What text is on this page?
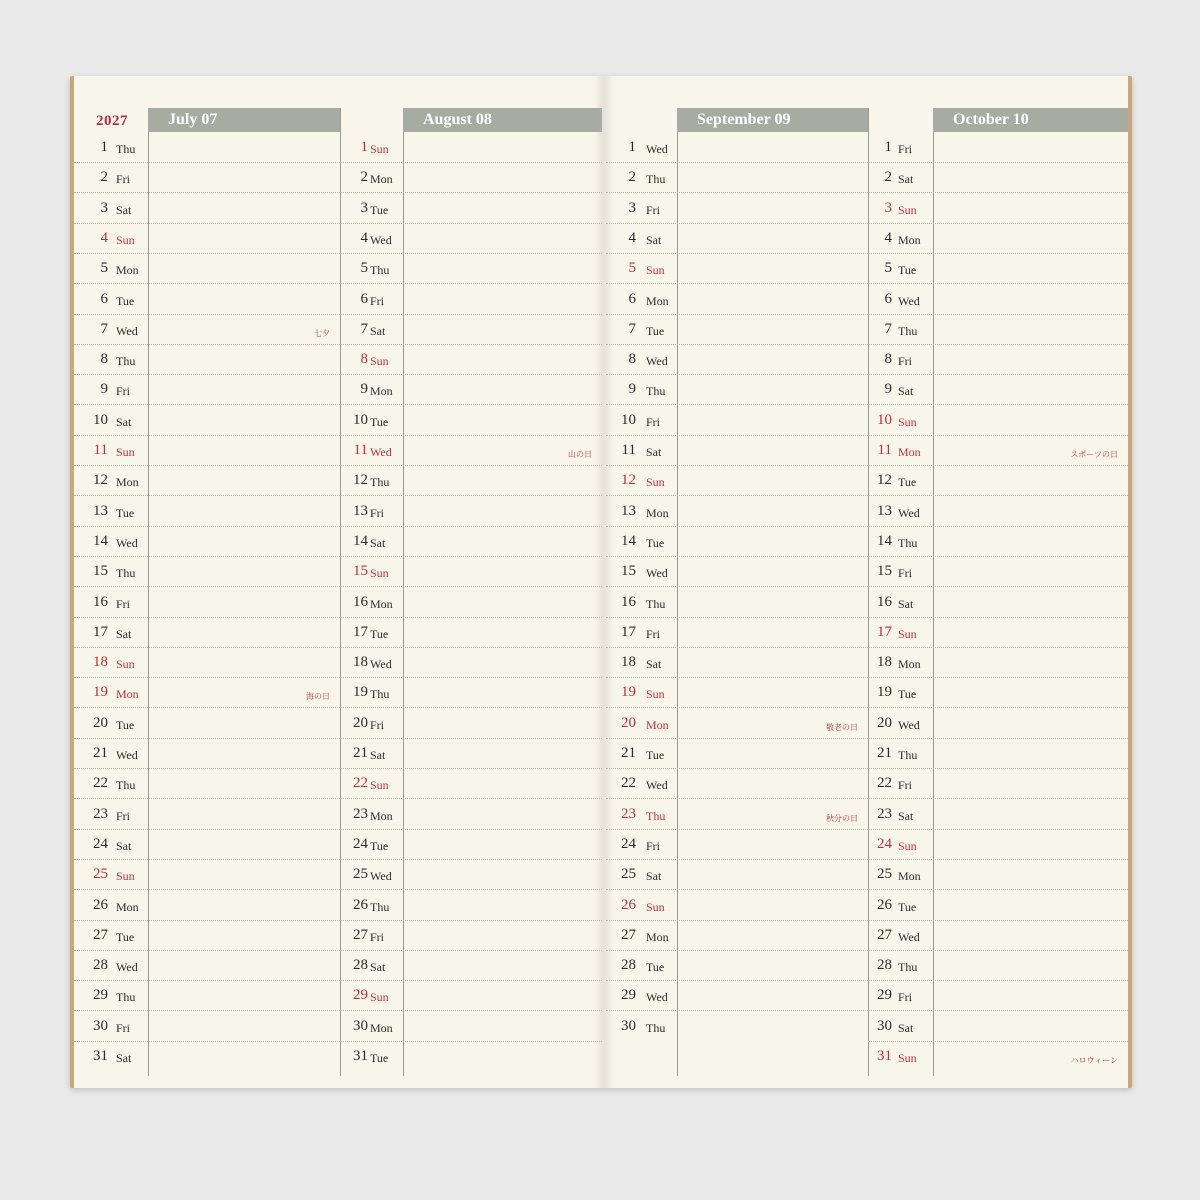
2027	July 07
1 Thu
2 Fri
3 Sat
4 Sun
5 Mon
6 Tue
7 Wed	七夕
8 Thu
9 Fri
10 Sat
11 Sun
12 Mon
13 Tue
14 Wed
15 Thu
16 Fri
17 Sat
18 Sun
19 Mon	海の日
20 Tue
21 Wed
22 Thu
23 Fri
24 Sat
25 Sun
26 Mon
27 Tue
28 Wed
29 Thu
30 Fri
31 Sat
August 08
1 Sun
2 Mon
3 Tue
4 Wed
5 Thu
6 Fri
7 Sat
8 Sun
9 Mon
10 Tue
11 Wed	山の日
12 Thu
13 Fri
14 Sat
15 Sun
16 Mon
17 Tue
18 Wed
19 Thu
20 Fri
21 Sat
22 Sun
23 Mon
24 Tue
25 Wed
26 Thu
27 Fri
28 Sat
29 Sun
30 Mon
31 Tue
September 09
1 Wed
2 Thu
3 Fri
4 Sat
5 Sun
6 Mon
7 Tue
8 Wed
9 Thu
10 Fri
11 Sat
12 Sun
13 Mon
14 Tue
15 Wed
16 Thu
17 Fri
18 Sat
19 Sun
20 Mon	敬老の日
21 Tue
22 Wed
23 Thu	秋分の日
24 Fri
25 Sat
26 Sun
27 Mon
28 Tue
29 Wed
30 Thu
October 10
1 Fri
2 Sat
3 Sun
4 Mon
5 Tue
6 Wed
7 Thu
8 Fri
9 Sat
10 Sun
11 Mon	スポーツの日
12 Tue
13 Wed
14 Thu
15 Fri
16 Sat
17 Sun
18 Mon
19 Tue
20 Wed
21 Thu
22 Fri
23 Sat
24 Sun
25 Mon
26 Tue
27 Wed
28 Thu
29 Fri
30 Sat
31 Sun	ハロウィーン
